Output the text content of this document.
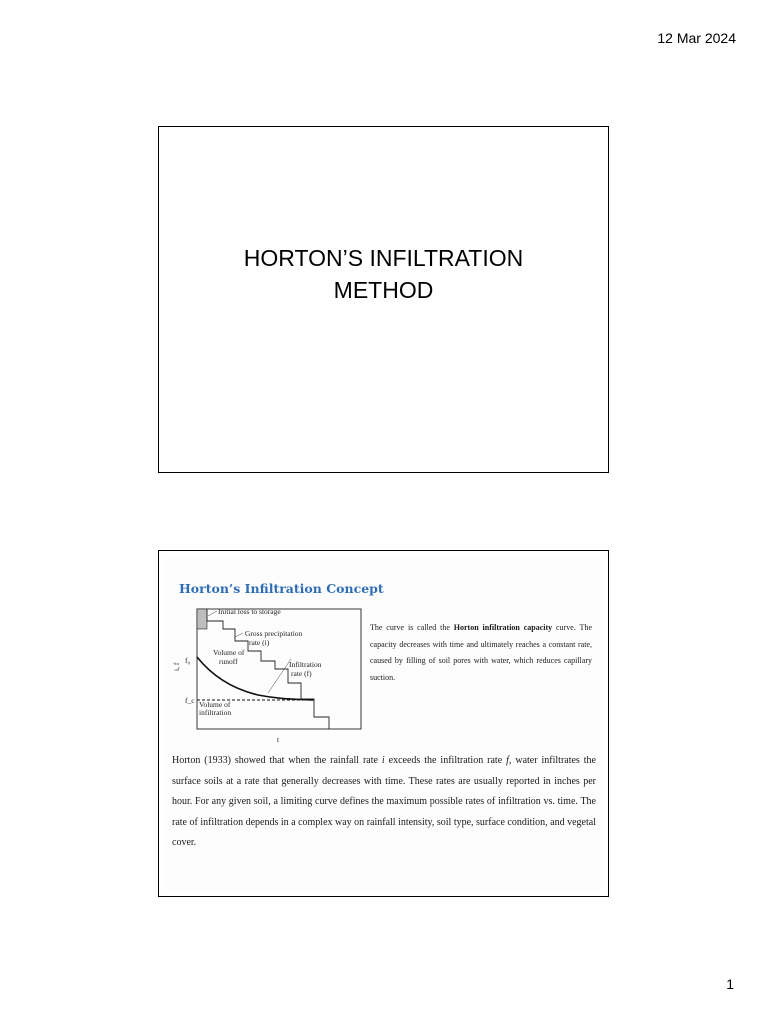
12 Mar 2024
HORTON’S INFILTRATION
METHOD
Horton’s Infiltration Concept
Initial loss to storage
Gross precipitation
rate (i)
Volume of
runoff	Infiltration
rate (f)
Volume of
infiltration
f₀
f_c
i, f
t
The curve is called the Horton infiltration capacity curve. The capacity decreases with time and ultimately reaches a constant rate, caused by filling of soil pores with water, which reduces capillary suction.
Horton (1933) showed that when the rainfall rate i exceeds the infiltration rate f, water infiltrates the surface soils at a rate that generally decreases with time. These rates are usually reported in inches per hour. For any given soil, a limiting curve defines the maximum possible rates of infiltration vs. time. The rate of infiltration depends in a complex way on rainfall intensity, soil type, surface condition, and vegetal cover.
1
